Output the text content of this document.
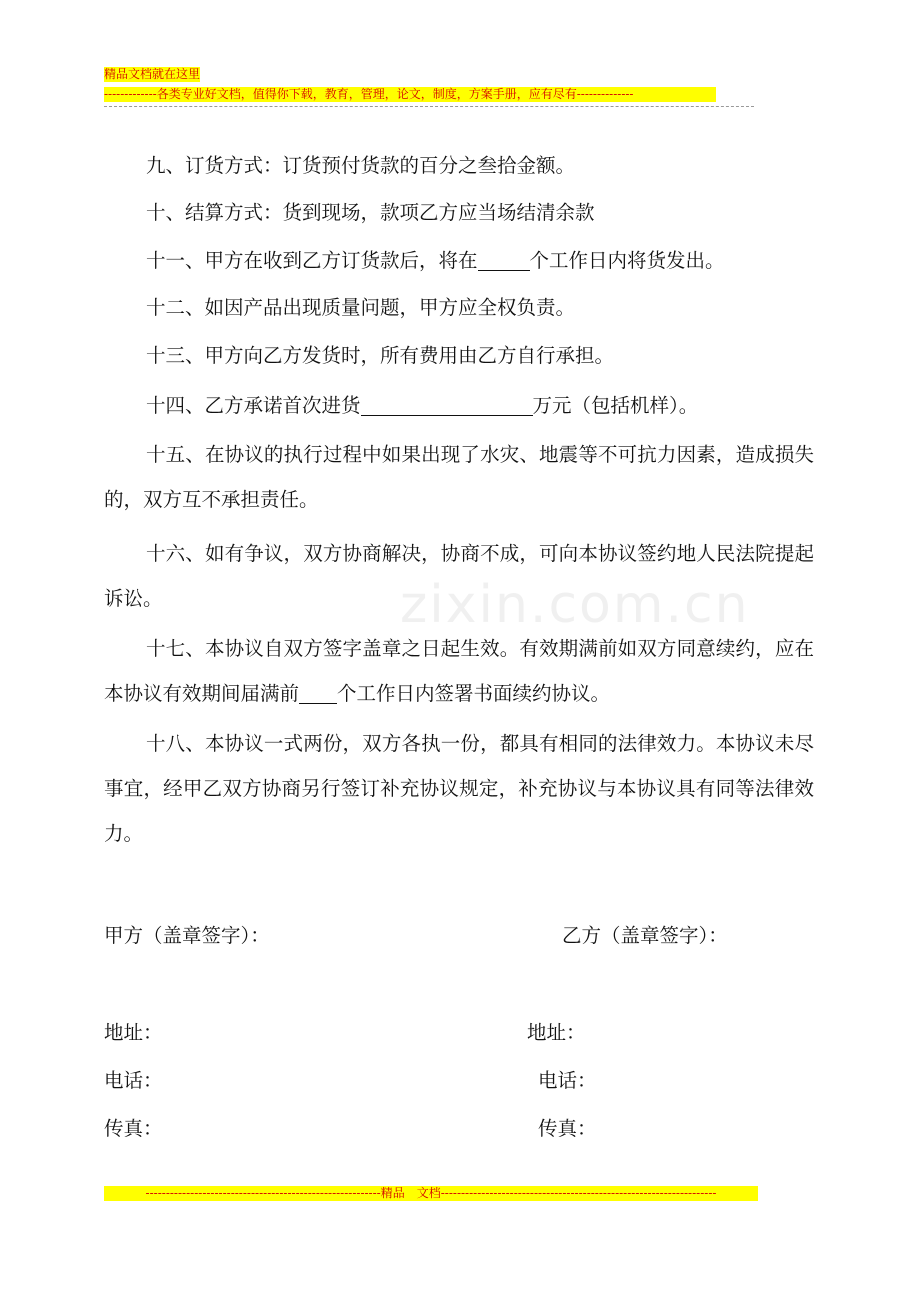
zixin.com.cn
精品文档就在这里
-------------各类专业好文档，值得你下载，教育，管理，论文，制度，方案手册，应有尽有--------------
九、订货方式：订货预付货款的百分之叁拾金额。
十、结算方式：货到现场，款项乙方应当场结清余款
十一、甲方在收到乙方订货款后，将在	个工作日内将货发出。
十二、如因产品出现质量问题，甲方应全权负责。
十三、甲方向乙方发货时，所有费用由乙方自行承担。
十四、乙方承诺首次进货	万元（包括机样）。
十五、在协议的执行过程中如果出现了水灾、地震等不可抗力因素，造成损失的，双方互不承担责任。
十六、如有争议，双方协商解决，协商不成，可向本协议签约地人民法院提起诉讼。
十七、本协议自双方签字盖章之日起生效。有效期满前如双方同意续约，应在本协议有效期间届满前 个工作日内签署书面续约协议。
十八、本协议一式两份，双方各执一份，都具有相同的法律效力。本协议未尽事宜，经甲乙双方协商另行签订补充协议规定，补充协议与本协议具有同等法律效力。
甲方（盖章签字）：	乙方（盖章签字）：
地址：	地址：
电话：	电话：
传真：	传真：
----------------------------------------------------------精品　文档--------------------------------------------------------------------
